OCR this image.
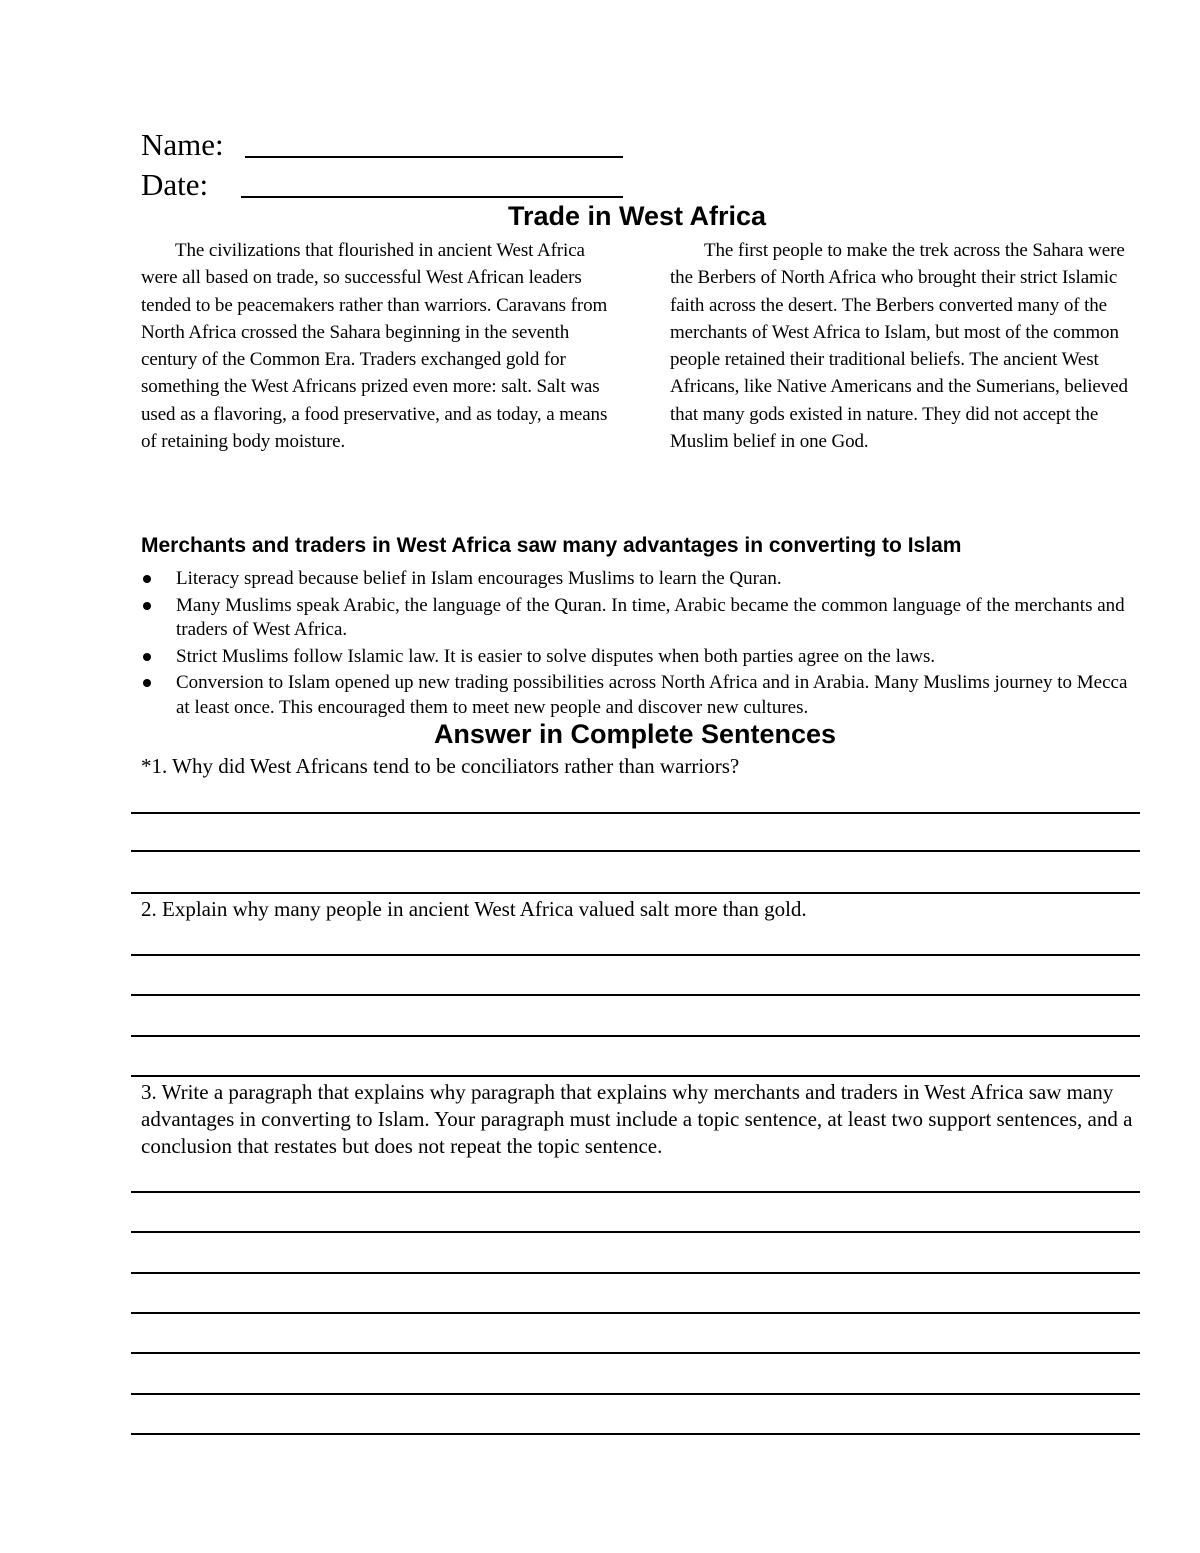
Name:
Date:
Trade in West Africa

The civilizations that flourished in ancient West Africa were all based on trade, so successful West African leaders tended to be peacemakers rather than warriors. Caravans from North Africa crossed the Sahara beginning in the seventh century of the Common Era. Traders exchanged gold for something the West Africans prized even more: salt. Salt was used as a flavoring, a food preservative, and as today, a means of retaining body moisture.

The first people to make the trek across the Sahara were the Berbers of North Africa who brought their strict Islamic faith across the desert. The Berbers converted many of the merchants of West Africa to Islam, but most of the common people retained their traditional beliefs. The ancient West Africans, like Native Americans and the Sumerians, believed that many gods existed in nature. They did not accept the Muslim belief in one God.

Merchants and traders in West Africa saw many advantages in converting to Islam
Literacy spread because belief in Islam encourages Muslims to learn the Quran.
Many Muslims speak Arabic, the language of the Quran. In time, Arabic became the common language of the merchants and traders of West Africa.
Strict Muslims follow Islamic law. It is easier to solve disputes when both parties agree on the laws.
Conversion to Islam opened up new trading possibilities across North Africa and in Arabia. Many Muslims journey to Mecca at least once. This encouraged them to meet new people and discover new cultures.
Answer in Complete Sentences
*1. Why did West Africans tend to be conciliators rather than warriors?
2. Explain why many people in ancient West Africa valued salt more than gold.
3. Write a paragraph that explains why paragraph that explains why merchants and traders in West Africa saw many advantages in converting to Islam. Your paragraph must include a topic sentence, at least two support sentences, and a conclusion that restates but does not repeat the topic sentence.
